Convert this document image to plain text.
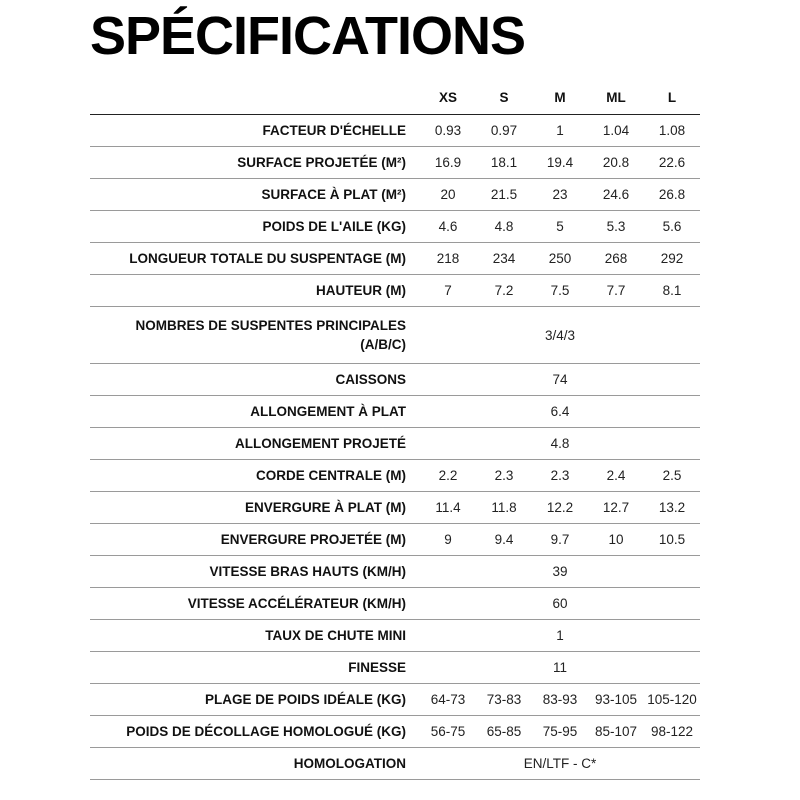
SPÉCIFICATIONS
	XS	S	M	ML	L
FACTEUR D'ÉCHELLE	0.93	0.97	1	1.04	1.08
SURFACE PROJETÉE (M²)	16.9	18.1	19.4	20.8	22.6
SURFACE À PLAT (M²)	20	21.5	23	24.6	26.8
POIDS DE L'AILE (KG)	4.6	4.8	5	5.3	5.6
LONGUEUR TOTALE DU SUSPENTAGE (M)	218	234	250	268	292
HAUTEUR (M)	7	7.2	7.5	7.7	8.1
NOMBRES DE SUSPENTES PRINCIPALES (A/B/C)	3/4/3				
CAISSONS	74				
ALLONGEMENT À PLAT	6.4				
ALLONGEMENT PROJETÉ	4.8				
CORDE CENTRALE (M)	2.2	2.3	2.3	2.4	2.5
ENVERGURE À PLAT (M)	11.4	11.8	12.2	12.7	13.2
ENVERGURE PROJETÉE (M)	9	9.4	9.7	10	10.5
VITESSE BRAS HAUTS (KM/H)	39				
VITESSE ACCÉLÉRATEUR (KM/H)	60				
TAUX DE CHUTE MINI	1				
FINESSE	11				
PLAGE DE POIDS IDÉALE (KG)	64-73	73-83	83-93	93-105	105-120
POIDS DE DÉCOLLAGE HOMOLOGUÉ (KG)	56-75	65-85	75-95	85-107	98-122
HOMOLOGATION	EN/LTF - C*				
